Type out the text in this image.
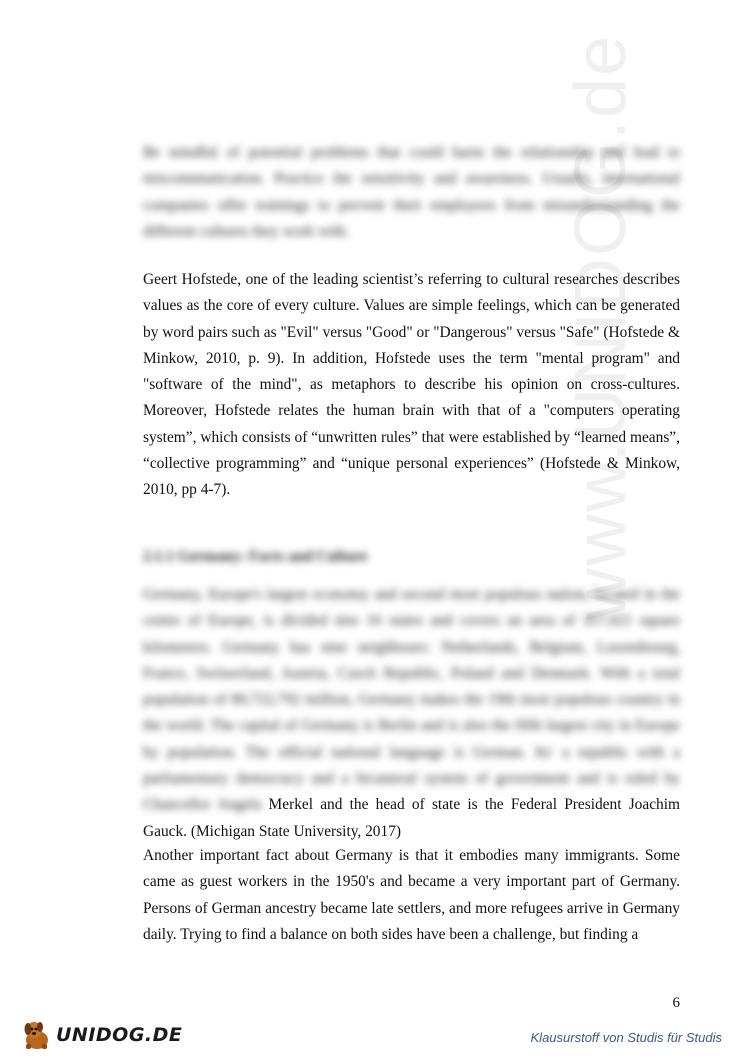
www.UNIDOG.de
Be mindful of potential problems that could harm the relationship and lead to miscommunication. Practice the sensitivity and awareness. Usually, international companies offer trainings to prevent their employees from misunderstanding the different cultures they work with.
Geert Hofstede, one of the leading scientist’s referring to cultural researches describes values as the core of every culture. Values are simple feelings, which can be generated by word pairs such as "Evil" versus "Good" or "Dangerous" versus "Safe" (Hofstede & Minkow, 2010, p. 9). In addition, Hofstede uses the term "mental program" and "software of the mind", as metaphors to describe his opinion on cross-cultures. Moreover, Hofstede relates the human brain with that of a "computers operating system”, which consists of “unwritten rules” that were established by “learned means”, “collective programming” and “unique personal experiences” (Hofstede & Minkow, 2010, pp 4-7).
2.1.1 Germany: Facts and Culture
Germany, Europe's largest economy and second most populous nation, located in the centre of Europe, is divided into 16 states and covers an area of 357,021 square kilometres. Germany has nine neighbours: Netherlands, Belgium, Luxembourg, France, Switzerland, Austria, Czech Republic, Poland and Denmark. With a total population of 80,722,792 million, Germany makes the 19th most populous country in the world. The capital of Germany is Berlin and is also the fifth largest city in Europe by population. The official national language is German. Its' a republic with a parliamentary democracy and a bicameral system of government and is ruled by Chancellor Angela Merkel and the head of state is the Federal President Joachim Gauck. (Michigan State University, 2017)
Another important fact about Germany is that it embodies many immigrants. Some came as guest workers in the 1950's and became a very important part of Germany. Persons of German ancestry became late settlers, and more refugees arrive in Germany daily. Trying to find a balance on both sides have been a challenge, but finding a
6
UNIDOG.DE	Klausurstoff von Studis für Studis
